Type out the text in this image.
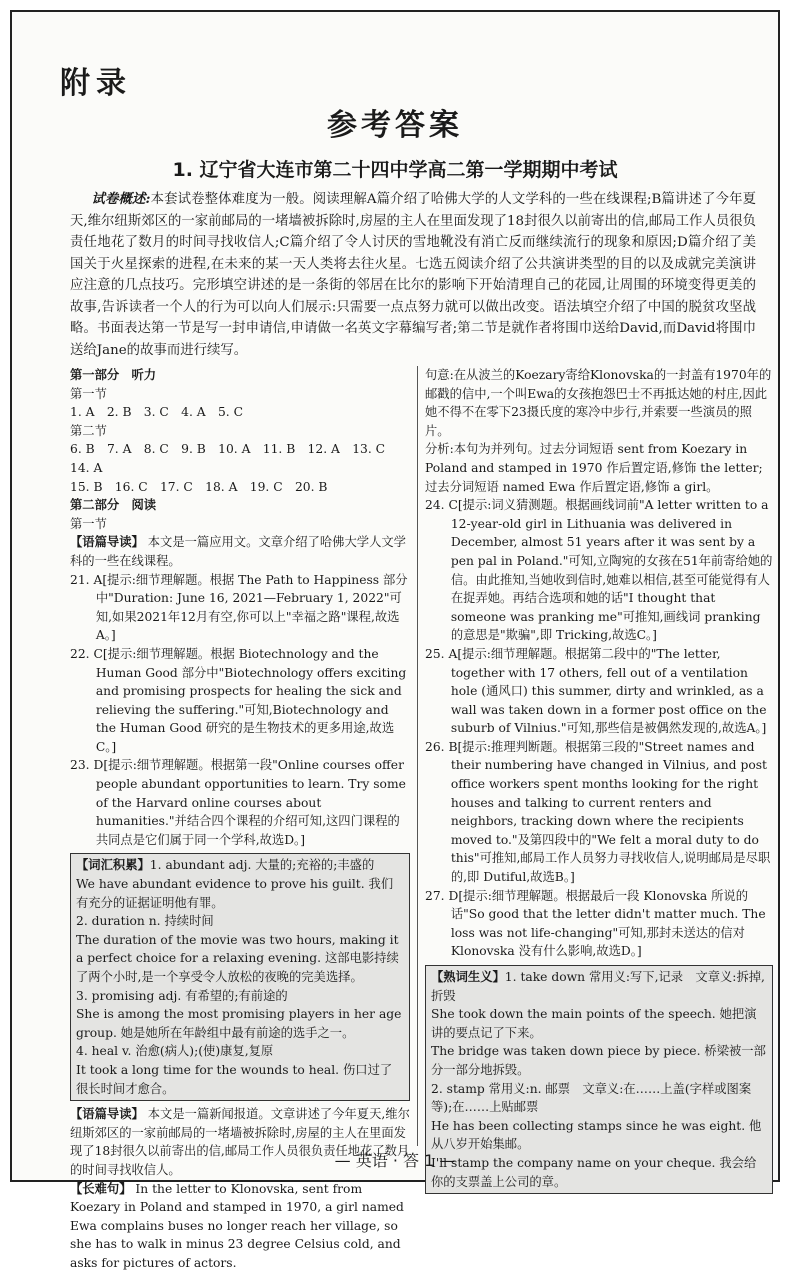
附录
参考答案
1. 辽宁省大连市第二十四中学高二第一学期期中考试
试卷概述:本套试卷整体难度为一般。阅读理解A篇介绍了哈佛大学的人文学科的一些在线课程;B篇讲述了今年夏天,维尔纽斯郊区的一家前邮局的一堵墙被拆除时,房屋的主人在里面发现了18封很久以前寄出的信,邮局工作人员很负责任地花了数月的时间寻找收信人;C篇介绍了令人讨厌的雪地靴没有消亡反而继续流行的现象和原因;D篇介绍了美国关于火星探索的进程,在未来的某一天人类将去往火星。七选五阅读介绍了公共演讲类型的目的以及成就完美演讲应注意的几点技巧。完形填空讲述的是一条街的邻居在比尔的影响下开始清理自己的花园,让周围的环境变得更美的故事,告诉读者一个人的行为可以向人们展示:只需要一点点努力就可以做出改变。语法填空介绍了中国的脱贫攻坚战略。书面表达第一节是写一封申请信,申请做一名英文字幕编写者;第二节是就作者将围巾送给David,而David将围巾送给Jane的故事而进行续写。
第一部分　听力
第一节
1. A　2. B　3. C　4. A　5. C
第二节
6. B　7. A　8. C　9. B　10. A　11. B　12. A　13. C　14. A
15. B　16. C　17. C　18. A　19. C　20. B
第二部分　阅读
第一节
【语篇导读】 本文是一篇应用文。文章介绍了哈佛大学人文学科的一些在线课程。
21. A[提示:细节理解题。根据 The Path to Happiness 部分中"Duration: June 16, 2021—February 1, 2022"可知,如果2021年12月有空,你可以上"幸福之路"课程,故选A。]
22. C[提示:细节理解题。根据 Biotechnology and the Human Good 部分中"Biotechnology offers exciting and promising prospects for healing the sick and relieving the suffering."可知,Biotechnology and the Human Good 研究的是生物技术的更多用途,故选C。]
23. D[提示:细节理解题。根据第一段"Online courses offer people abundant opportunities to learn. Try some of the Harvard online courses about humanities."并结合四个课程的介绍可知,这四门课程的共同点是它们属于同一个学科,故选D。]
【词汇积累】1. abundant adj. 大量的;充裕的;丰盛的
We have abundant evidence to prove his guilt. 我们有充分的证据证明他有罪。
2. duration n. 持续时间
The duration of the movie was two hours, making it a perfect choice for a relaxing evening. 这部电影持续了两个小时,是一个享受令人放松的夜晚的完美选择。
3. promising adj. 有希望的;有前途的
She is among the most promising players in her age group. 她是她所在年龄组中最有前途的选手之一。
4. heal v. 治愈(病人);(使)康复,复原
It took a long time for the wounds to heal. 伤口过了很长时间才愈合。
【语篇导读】 本文是一篇新闻报道。文章讲述了今年夏天,维尔纽斯郊区的一家前邮局的一堵墙被拆除时,房屋的主人在里面发现了18封很久以前寄出的信,邮局工作人员很负责任地花了数月的时间寻找收信人。
【长难句】 In the letter to Klonovska, sent from Koezary in Poland and stamped in 1970, a girl named Ewa complains buses no longer reach her village, so she has to walk in minus 23 degree Celsius cold, and asks for pictures of actors.
句意:在从波兰的Koezary寄给Klonovska的一封盖有1970年的邮戳的信中,一个叫Ewa的女孩抱怨巴士不再抵达她的村庄,因此她不得不在零下23摄氏度的寒冷中步行,并索要一些演员的照片。
分析:本句为并列句。过去分词短语 sent from Koezary in Poland and stamped in 1970 作后置定语,修饰 the letter;过去分词短语 named Ewa 作后置定语,修饰 a girl。
24. C[提示:词义猜测题。根据画线词前"A letter written to a 12-year-old girl in Lithuania was delivered in December, almost 51 years after it was sent by a pen pal in Poland."可知,立陶宛的女孩在51年前寄给她的信。由此推知,当她收到信时,她难以相信,甚至可能觉得有人在捉弄她。再结合选项和她的话"I thought that someone was pranking me"可推知,画线词 pranking 的意思是"欺骗",即 Tricking,故选C。]
25. A[提示:细节理解题。根据第二段中的"The letter, together with 17 others, fell out of a ventilation hole (通风口) this summer, dirty and wrinkled, as a wall was taken down in a former post office on the suburb of Vilnius."可知,那些信是被偶然发现的,故选A。]
26. B[提示:推理判断题。根据第三段的"Street names and their numbering have changed in Vilnius, and post office workers spent months looking for the right houses and talking to current renters and neighbors, tracking down where the recipients moved to."及第四段中的"We felt a moral duty to do this"可推知,邮局工作人员努力寻找收信人,说明邮局是尽职的,即 Dutiful,故选B。]
27. D[提示:细节理解题。根据最后一段 Klonovska 所说的话"So good that the letter didn't matter much. The loss was not life-changing"可知,那封未送达的信对 Klonovska 没有什么影响,故选D。]
【熟词生义】1. take down 常用义:写下,记录　文章义:拆掉,折毁
She took down the main points of the speech. 她把演讲的要点记了下来。
The bridge was taken down piece by piece. 桥梁被一部分一部分地拆毁。
2. stamp 常用义:n. 邮票　文章义:在……上盖(字样或图案等);在……上贴邮票
He has been collecting stamps since he was eight. 他从八岁开始集邮。
I'll stamp the company name on your cheque. 我会给你的支票盖上公司的章。
— 英语 · 答 1 —
